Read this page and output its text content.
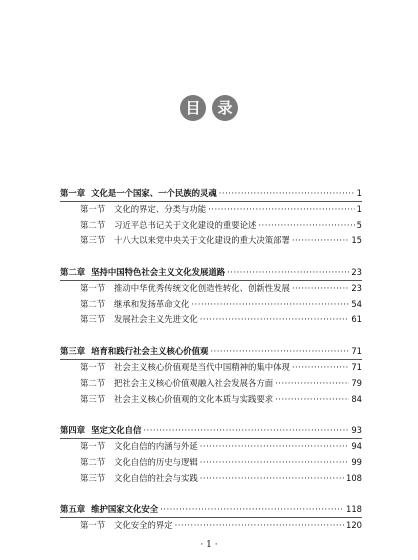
目 录
第一章 文化是一个国家、一个民族的灵魂 ·····	1
第一节	文化的界定、分类与功能 ·····	1
第二节	习近平总书记关于文化建设的重要论述 ·····	5
第三节	十八大以来党中央关于文化建设的重大决策部署 ·····	15
第二章 坚持中国特色社会主义文化发展道路 ·····	23
第一节	推动中华优秀传统文化创造性转化、创新性发展 ·····	23
第二节	继承和发扬革命文化 ·····	54
第三节	发展社会主义先进文化 ·····	61
第三章 培育和践行社会主义核心价值观 ·····	71
第一节	社会主义核心价值观是当代中国精神的集中体现 ·····	71
第二节	把社会主义核心价值观融入社会发展各方面 ·····	79
第三节	社会主义核心价值观的文化本质与实践要求 ·····	84
第四章 坚定文化自信 ·····	93
第一节	文化自信的内涵与外延 ·····	94
第二节	文化自信的历史与逻辑 ·····	99
第三节	文化自信的社会与实践 ·····	108
第五章 维护国家文化安全 ·····	118
第一节	文化安全的界定 ·····	120
· 1 ·
